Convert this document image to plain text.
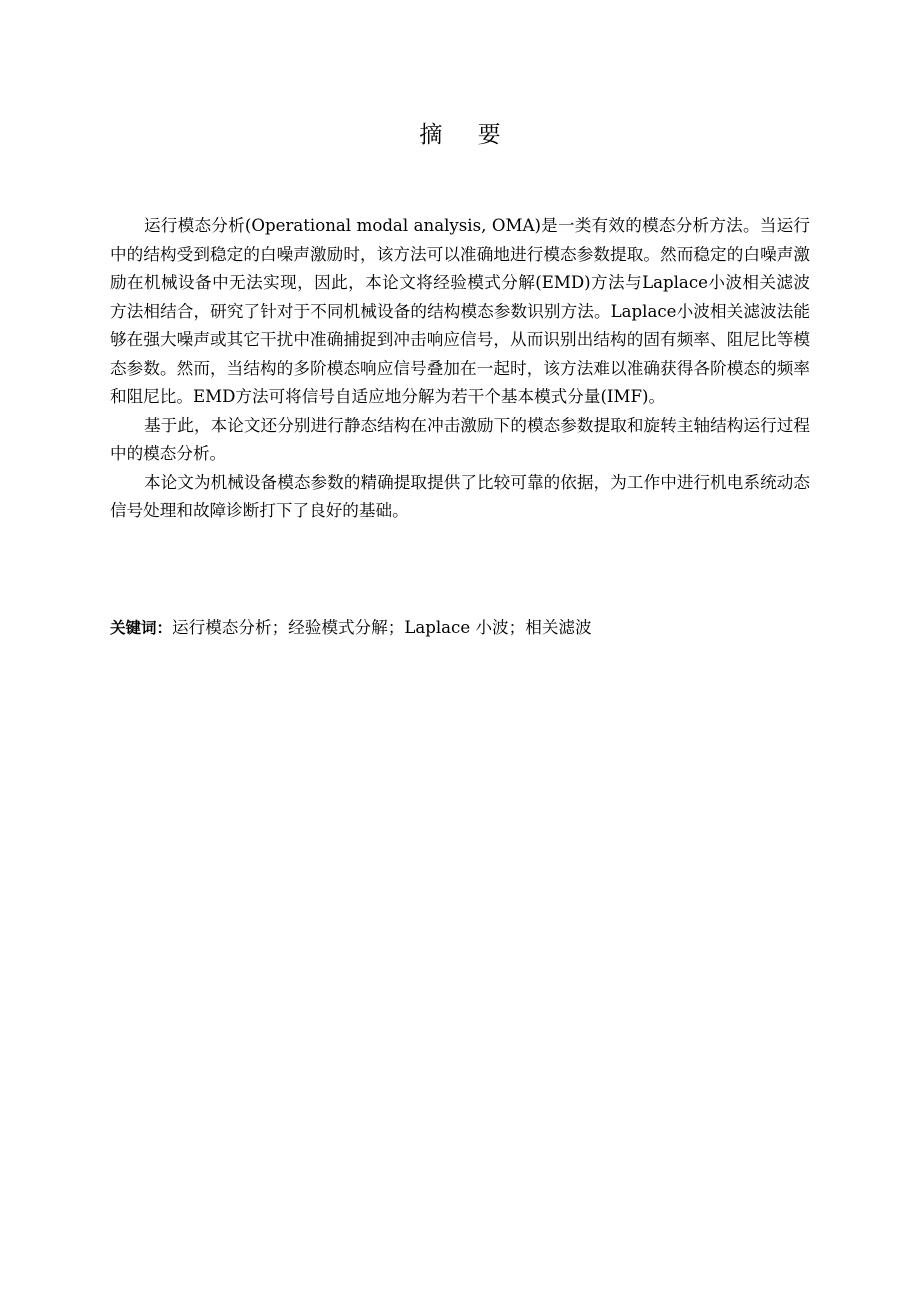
摘 要

运行模态分析(Operational modal analysis, OMA)是一类有效的模态分析方法。当运行中的结构受到稳定的白噪声激励时，该方法可以准确地进行模态参数提取。然而稳定的白噪声激励在机械设备中无法实现，因此，本论文将经验模式分解(EMD)方法与Laplace小波相关滤波方法相结合，研究了针对于不同机械设备的结构模态参数识别方法。Laplace小波相关滤波法能够在强大噪声或其它干扰中准确捕捉到冲击响应信号，从而识别出结构的固有频率、阻尼比等模态参数。然而，当结构的多阶模态响应信号叠加在一起时，该方法难以准确获得各阶模态的频率和阻尼比。EMD方法可将信号自适应地分解为若干个基本模式分量(IMF)。

基于此，本论文还分别进行静态结构在冲击激励下的模态参数提取和旋转主轴结构运行过程中的模态分析。

本论文为机械设备模态参数的精确提取提供了比较可靠的依据，为工作中进行机电系统动态信号处理和故障诊断打下了良好的基础。

关键词：运行模态分析；经验模式分解；Laplace 小波；相关滤波
